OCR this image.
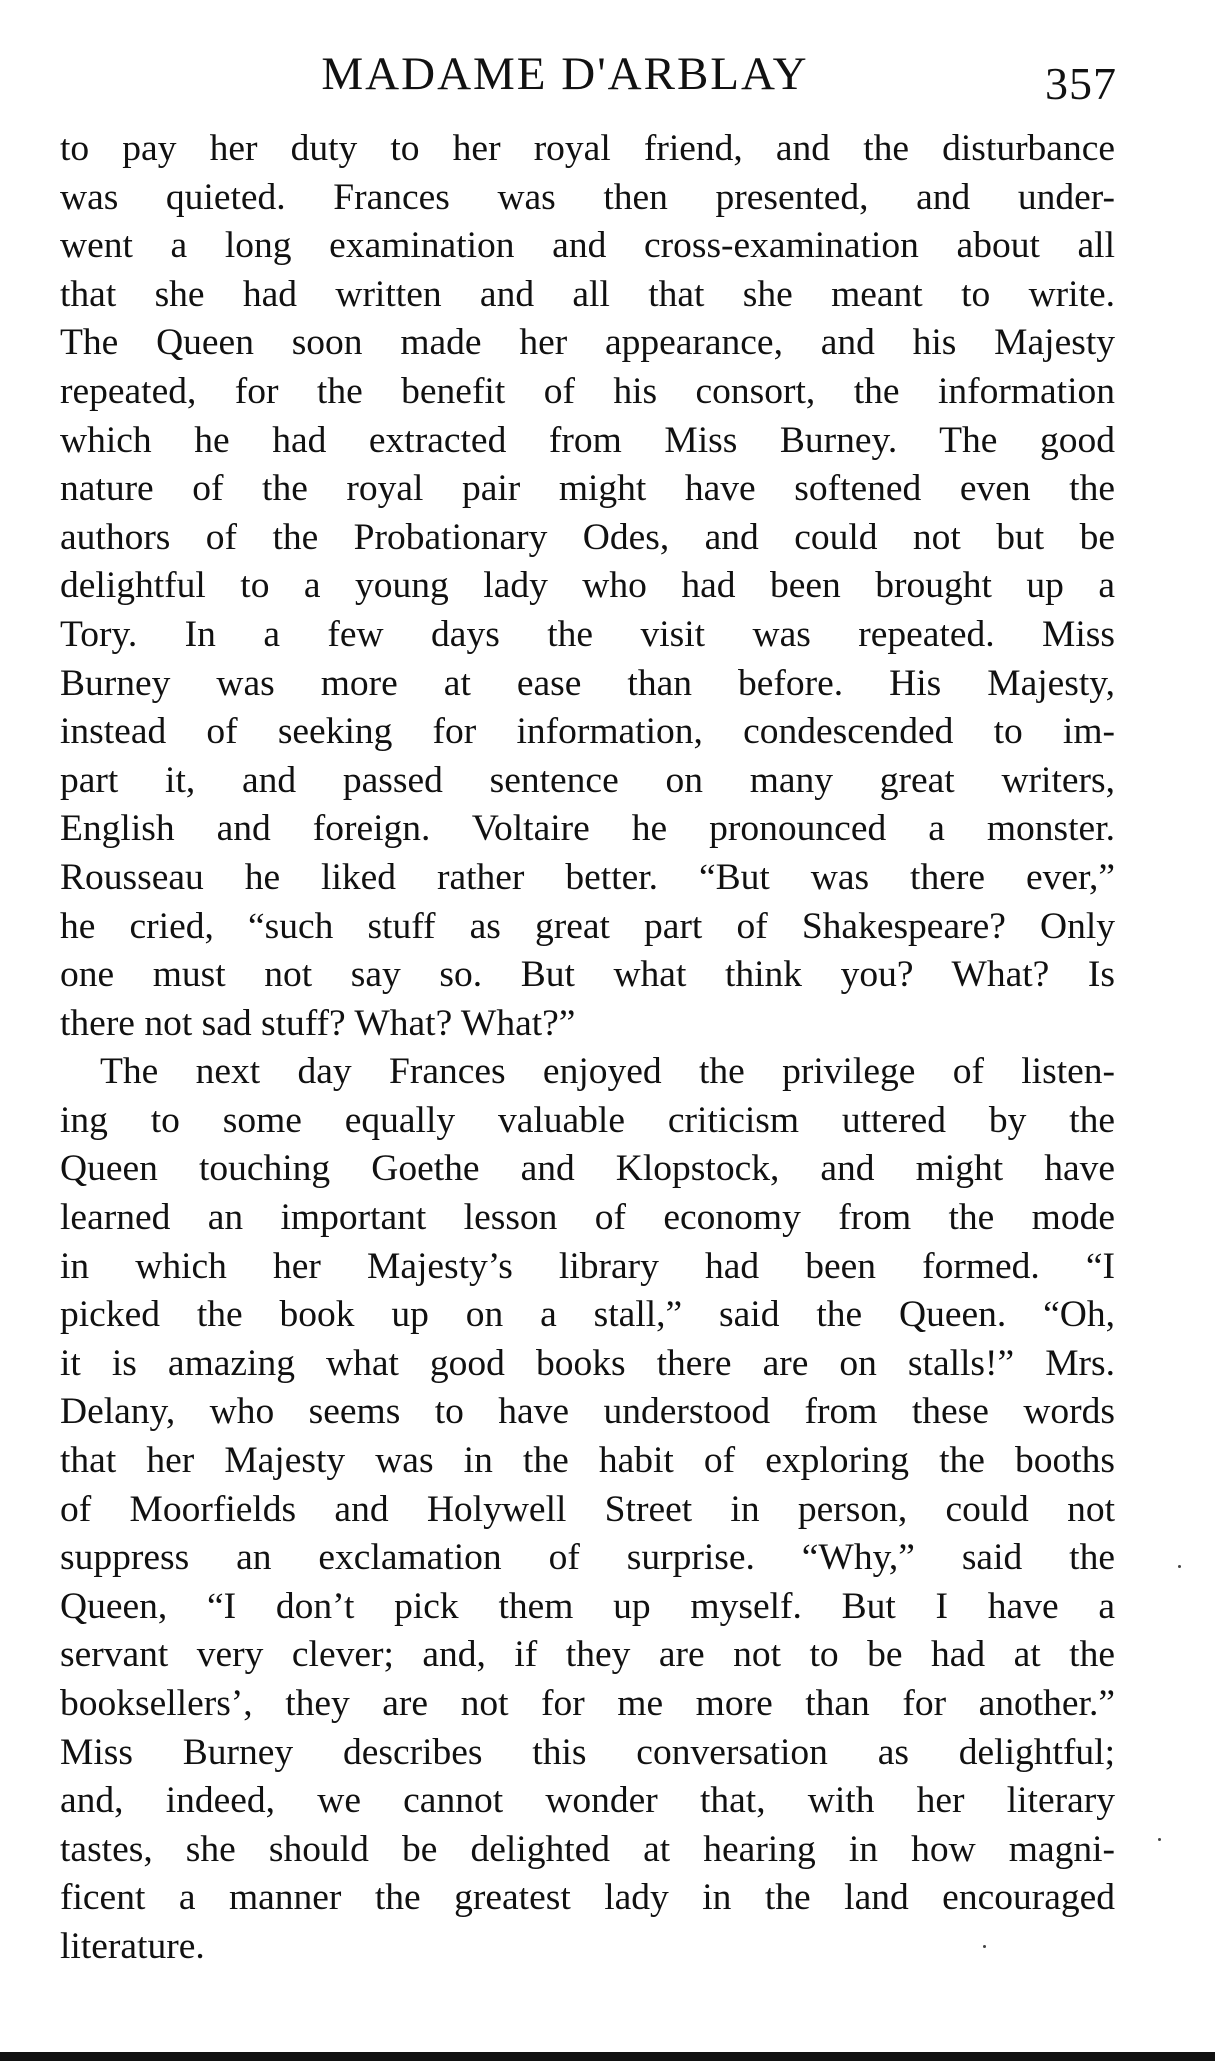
MADAME D'ARBLAY	357
to pay her duty to her royal friend, and the disturbance
was quieted. Frances was then presented, and under-
went a long examination and cross-examination about all
that she had written and all that she meant to write.
The Queen soon made her appearance, and his Majesty
repeated, for the benefit of his consort, the information
which he had extracted from Miss Burney. The good
nature of the royal pair might have softened even the
authors of the Probationary Odes, and could not but be
delightful to a young lady who had been brought up a
Tory. In a few days the visit was repeated. Miss
Burney was more at ease than before. His Majesty,
instead of seeking for information, condescended to im-
part it, and passed sentence on many great writers,
English and foreign. Voltaire he pronounced a monster.
Rousseau he liked rather better. “But was there ever,”
he cried, “such stuff as great part of Shakespeare? Only
one must not say so. But what think you? What? Is
there not sad stuff? What? What?”
The next day Frances enjoyed the privilege of listen-
ing to some equally valuable criticism uttered by the
Queen touching Goethe and Klopstock, and might have
learned an important lesson of economy from the mode
in which her Majesty’s library had been formed. “I
picked the book up on a stall,” said the Queen. “Oh,
it is amazing what good books there are on stalls!” Mrs.
Delany, who seems to have understood from these words
that her Majesty was in the habit of exploring the booths
of Moorfields and Holywell Street in person, could not
suppress an exclamation of surprise. “Why,” said the
Queen, “I don’t pick them up myself. But I have a
servant very clever; and, if they are not to be had at the
booksellers’, they are not for me more than for another.”
Miss Burney describes this conversation as delightful;
and, indeed, we cannot wonder that, with her literary
tastes, she should be delighted at hearing in how magni-
ficent a manner the greatest lady in the land encouraged
literature.
